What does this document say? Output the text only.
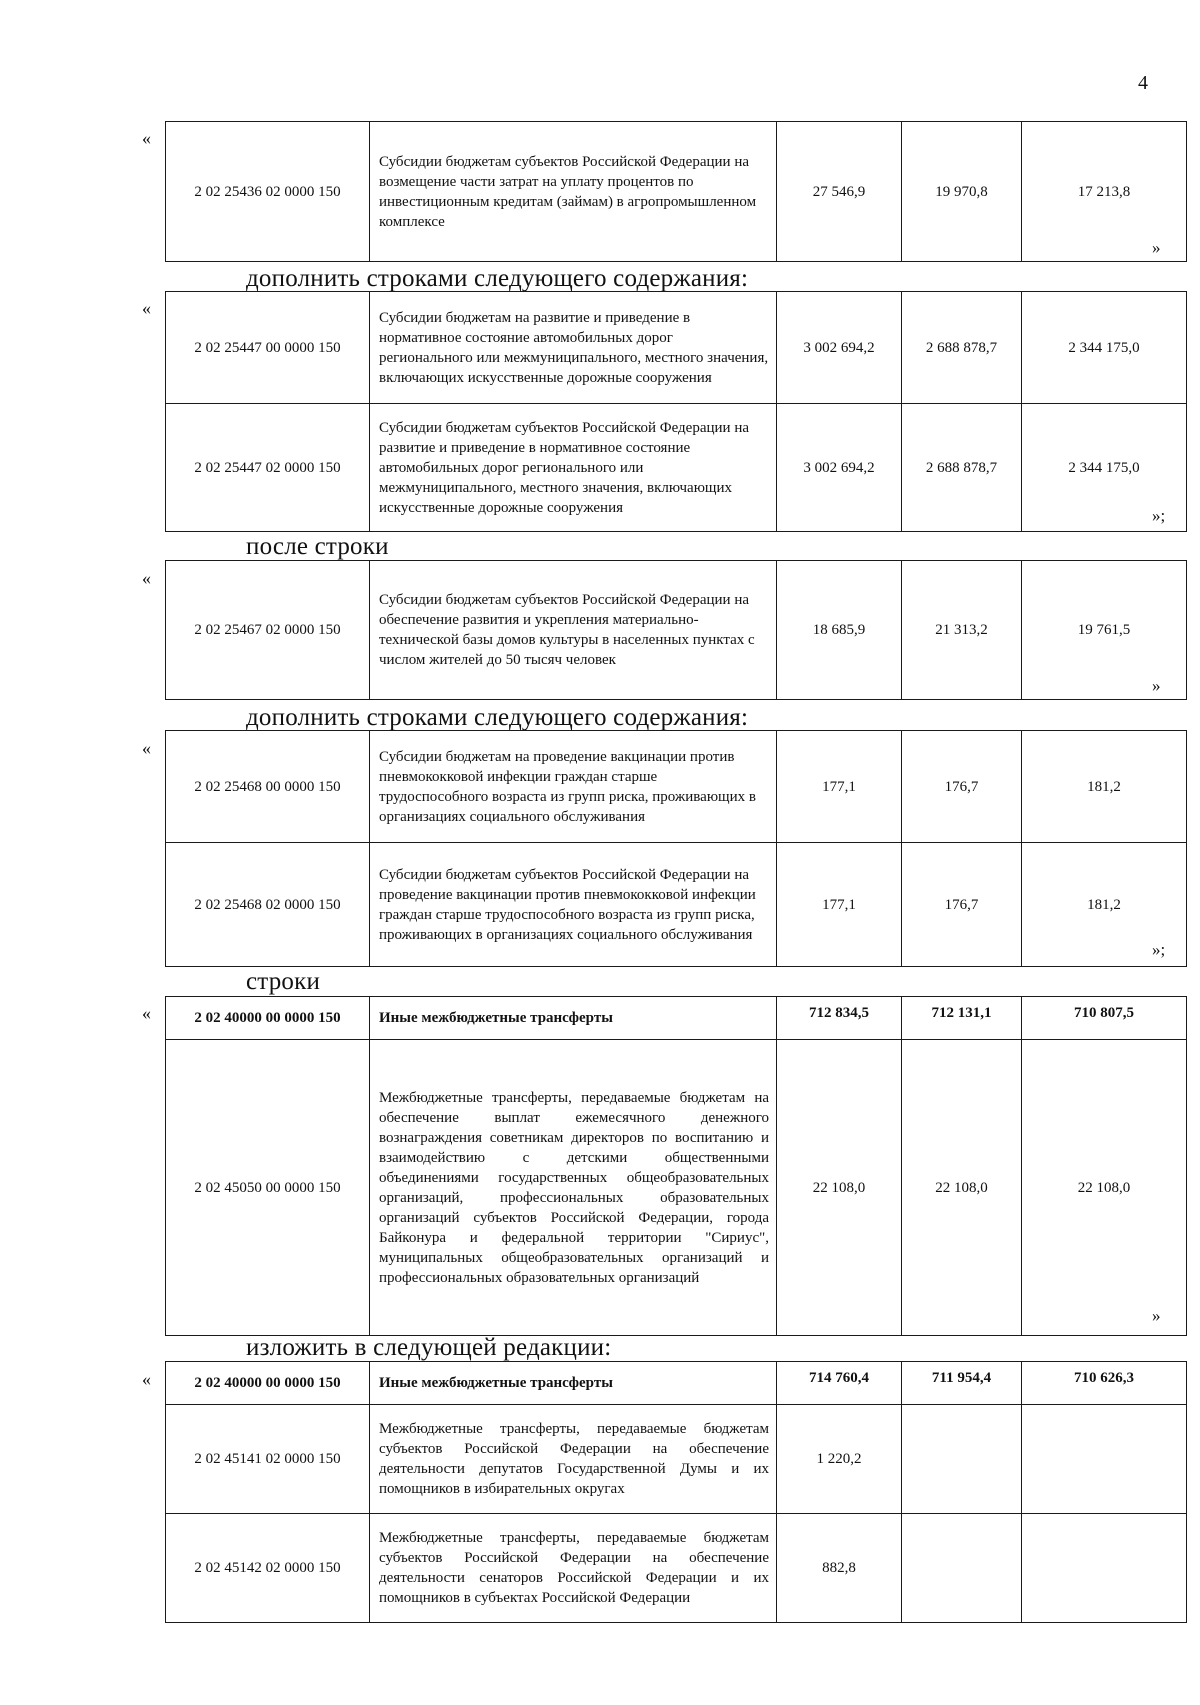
4
«
2 02 25436 02 0000 150	Субсидии бюджетам субъектов Российской Федерации на возмещение части затрат на уплату процентов по инвестиционным кредитам (займам) в агропромышленном комплексе	27 546,9	19 970,8	17 213,8
»
дополнить строками следующего содержания:
«
2 02 25447 00 0000 150	Субсидии бюджетам на развитие и приведение в нормативное состояние автомобильных дорог регионального или межмуниципального, местного значения, включающих искусственные дорожные сооружения	3 002 694,2	2 688 878,7	2 344 175,0
2 02 25447 02 0000 150	Субсидии бюджетам субъектов Российской Федерации на развитие и приведение в нормативное состояние автомобильных дорог регионального или межмуниципального, местного значения, включающих искусственные дорожные сооружения	3 002 694,2	2 688 878,7	2 344 175,0
»;
после строки
«
2 02 25467 02 0000 150	Субсидии бюджетам субъектов Российской Федерации на обеспечение развития и укрепления материально-технической базы домов культуры в населенных пунктах с числом жителей до 50 тысяч человек	18 685,9	21 313,2	19 761,5
»
дополнить строками следующего содержания:
«
2 02 25468 00 0000 150	Субсидии бюджетам на проведение вакцинации против пневмококковой инфекции граждан старше трудоспособного возраста из групп риска, проживающих в организациях социального обслуживания	177,1	176,7	181,2
2 02 25468 02 0000 150	Субсидии бюджетам субъектов Российской Федерации на проведение вакцинации против пневмококковой инфекции граждан старше трудоспособного возраста из групп риска, проживающих в организациях социального обслуживания	177,1	176,7	181,2
»;
строки
«	2 02 40000 00 0000 150	Иные межбюджетные трансферты	712 834,5	712 131,1	710 807,5
2 02 45050 00 0000 150	Межбюджетные трансферты, передаваемые бюджетам на обеспечение выплат ежемесячного денежного вознаграждения советникам директоров по воспитанию и взаимодействию с детскими общественными объединениями государственных общеобразовательных организаций, профессиональных образовательных организаций субъектов Российской Федерации, города Байконура и федеральной территории "Сириус", муниципальных общеобразовательных организаций и профессиональных образовательных организаций	22 108,0	22 108,0	22 108,0
»
изложить в следующей редакции:
«	2 02 40000 00 0000 150	Иные межбюджетные трансферты	714 760,4	711 954,4	710 626,3
2 02 45141 02 0000 150	Межбюджетные трансферты, передаваемые бюджетам субъектов Российской Федерации на обеспечение деятельности депутатов Государственной Думы и их помощников в избирательных округах	1 220,2		
2 02 45142 02 0000 150	Межбюджетные трансферты, передаваемые бюджетам субъектов Российской Федерации на обеспечение деятельности сенаторов Российской Федерации и их помощников в субъектах Российской Федерации	882,8		
